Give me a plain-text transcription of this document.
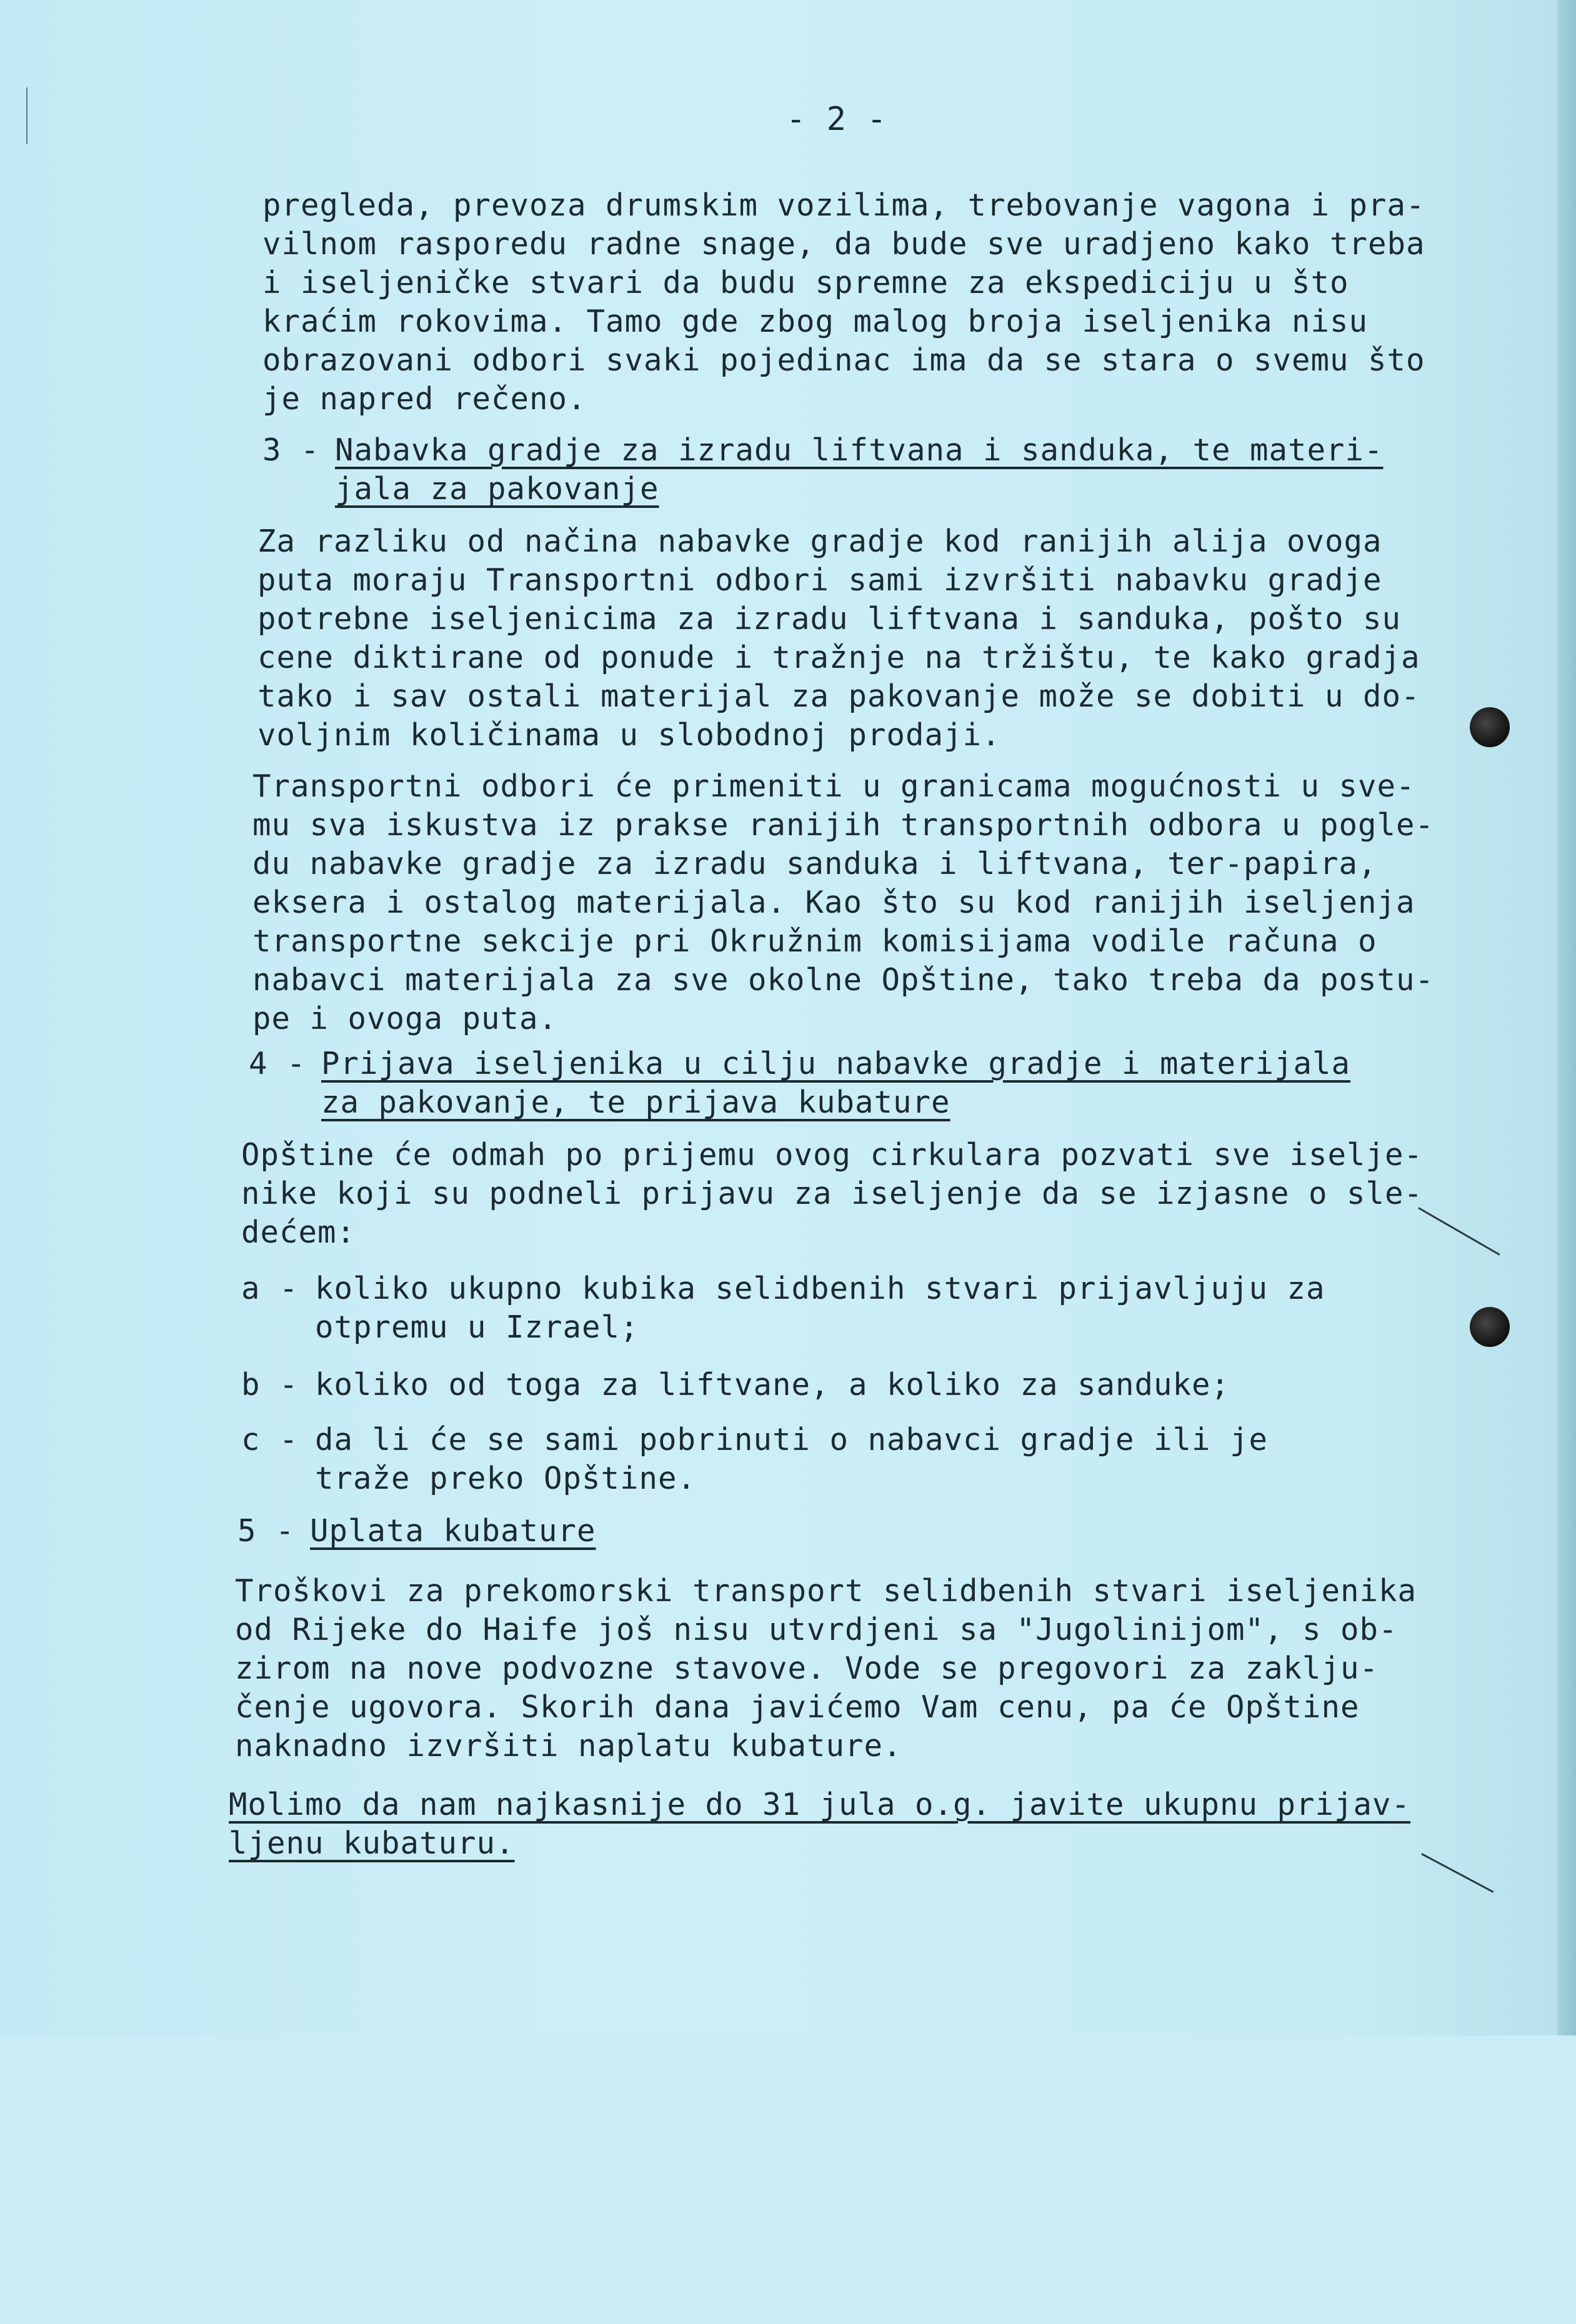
- 2 -

pregleda, prevoza drumskim vozilima, trebovanje vagona i pra-

vilnom rasporedu radne snage, da bude sve uradjeno kako treba

i iseljeničke stvari da budu spremne za ekspediciju u što

kraćim rokovima. Tamo gde zbog malog broja iseljenika nisu

obrazovani odbori svaki pojedinac ima da se stara o svemu što

je napred rečeno.

3 -

Nabavka gradje za izradu liftvana i sanduka, te materi-

jala za pakovanje

Za razliku od načina nabavke gradje kod ranijih alija ovoga

puta moraju Transportni odbori sami izvršiti nabavku gradje

potrebne iseljenicima za izradu liftvana i sanduka, pošto su

cene diktirane od ponude i tražnje na tržištu, te kako gradja

tako i sav ostali materijal za pakovanje može se dobiti u do-

voljnim količinama u slobodnoj prodaji.

Transportni odbori će primeniti u granicama mogućnosti u sve-

mu sva iskustva iz prakse ranijih transportnih odbora u pogle-

du nabavke gradje za izradu sanduka i liftvana, ter-papira,

eksera i ostalog materijala. Kao što su kod ranijih iseljenja

transportne sekcije pri Okružnim komisijama vodile računa o

nabavci materijala za sve okolne Opštine, tako treba da postu-

pe i ovoga puta.

4 -

Prijava iseljenika u cilju nabavke gradje i materijala

za pakovanje, te prijava kubature

Opštine će odmah po prijemu ovog cirkulara pozvati sve iselje-

nike koji su podneli prijavu za iseljenje da se izjasne o sle-

dećem:

a -

koliko ukupno kubika selidbenih stvari prijavljuju za

otpremu u Izrael;

b -

koliko od toga za liftvane, a koliko za sanduke;

c -

da li će se sami pobrinuti o nabavci gradje ili je

traže preko Opštine.

5 -

Uplata kubature

Troškovi za prekomorski transport selidbenih stvari iseljenika

od Rijeke do Haife još nisu utvrdjeni sa "Jugolinijom", s ob-

zirom na nove podvozne stavove. Vode se pregovori za zaklju-

čenje ugovora. Skorih dana javićemo Vam cenu, pa će Opštine

naknadno izvršiti naplatu kubature.

Molimo da nam najkasnije do 31 jula o.g. javite ukupnu prijav-

ljenu kubaturu.
